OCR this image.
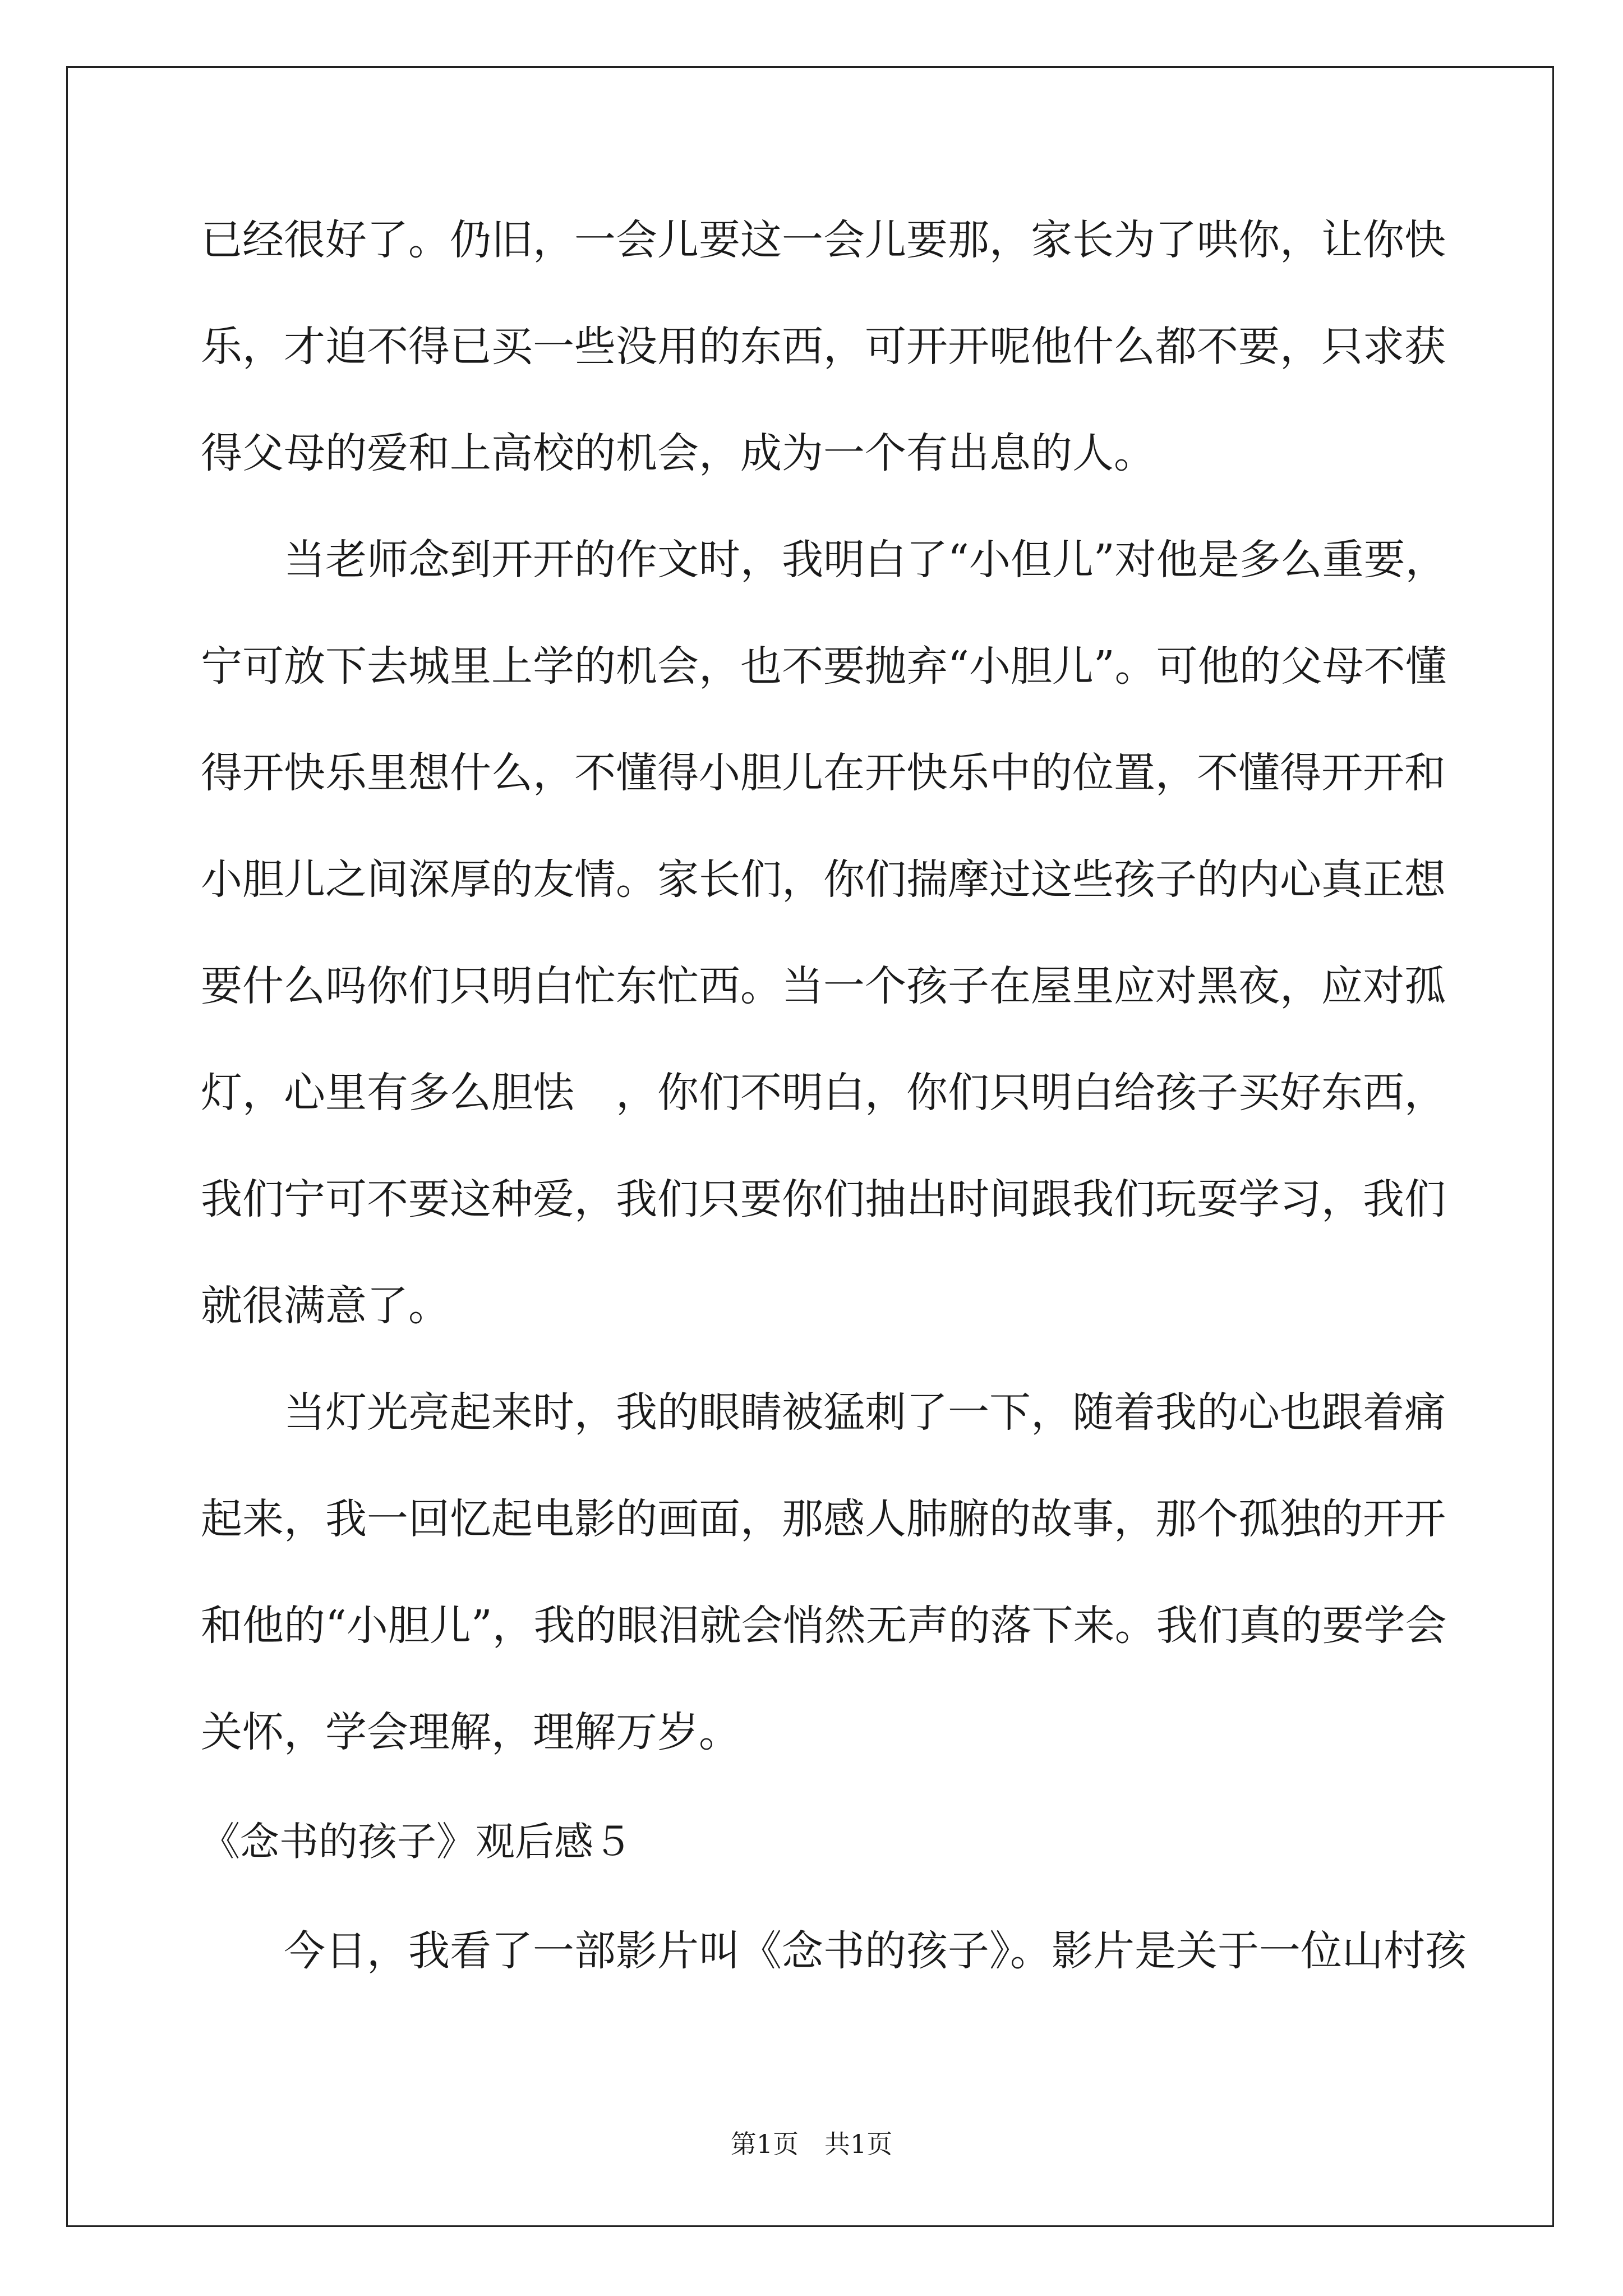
已经很好了。仍旧，一会儿要这一会儿要那，家长为了哄你，让你快
乐，才迫不得已买一些没用的东西，可开开呢他什么都不要，只求获
得父母的爱和上高校的机会，成为一个有出息的人。
　　当老师念到开开的作文时，我明白了“小但儿”对他是多么重要，
宁可放下去城里上学的机会，也不要抛弃“小胆儿”。可他的父母不懂
得开快乐里想什么，不懂得小胆儿在开快乐中的位置，不懂得开开和
小胆儿之间深厚的友情。家长们，你们揣摩过这些孩子的内心真正想
要什么吗你们只明白忙东忙西。当一个孩子在屋里应对黑夜，应对孤
灯，心里有多么胆怯　，你们不明白，你们只明白给孩子买好东西，
我们宁可不要这种爱，我们只要你们抽出时间跟我们玩耍学习，我们
就很满意了。
　　当灯光亮起来时，我的眼睛被猛刺了一下，随着我的心也跟着痛
起来，我一回忆起电影的画面，那感人肺腑的故事，那个孤独的开开
和他的“小胆儿”，我的眼泪就会悄然无声的落下来。我们真的要学会
关怀，学会理解，理解万岁。
《念书的孩子》观后感５
　　今日，我看了一部影片叫《念书的孩子》。影片是关于一位山村孩
第1页　共1页
